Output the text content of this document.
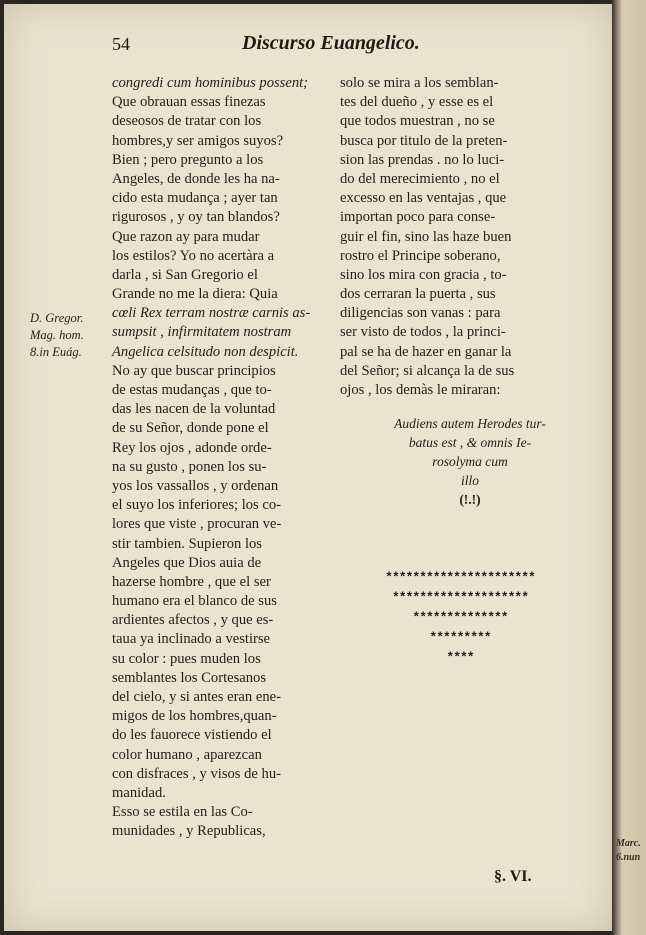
Marc.
6.nun
54	Discurso Euangelico.
D. Gregor.
Mag. hom.
8.in Euág.
congredi cum hominibus possent;
Que obrauan essas finezas
deseosos de tratar con los
hombres,y ser amigos suyos?
Bien ; pero pregunto a los
Angeles, de donde les ha na-
cido esta mudança ; ayer tan
rigurosos , y oy tan blandos?
Que razon ay para mudar
los estilos? Yo no acertàra a
darla , si San Gregorio el
Grande no me la diera: Quia
cœli Rex terram nostræ carnis as-
sumpsit , infirmitatem nostram
Angelica celsitudo non despicit.
No ay que buscar principios
de estas mudanças , que to-
das les nacen de la voluntad
de su Señor, donde pone el
Rey los ojos , adonde orde-
na su gusto , ponen los su-
yos los vassallos , y ordenan
el suyo los inferiores; los co-
lores que viste , procuran ve-
stir tambien. Supieron los
Angeles que Dios auia de
hazerse hombre , que el ser
humano era el blanco de sus
ardientes afectos , y que es-
taua ya inclinado a vestirse
su color : pues muden los
semblantes los Cortesanos
del cielo, y si antes eran ene-
migos de los hombres,quan-
do les fauorece vistiendo el
color humano , aparezcan
con disfraces , y visos de hu-
manidad.
Esso se estila en las Co-
munidades , y Republicas,
solo se mira a los semblan-
tes del dueño , y esse es el
que todos muestran , no se
busca por titulo de la preten-
sion las prendas . no lo luci-
do del merecimiento , no el
excesso en las ventajas , que
importan poco para conse-
guir el fin, sino las haze buen
rostro el Principe soberano,
sino los mira con gracia , to-
dos cerraran la puerta , sus
diligencias son vanas : para
ser visto de todos , la princi-
pal se ha de hazer en ganar la
del Señor; si alcança la de sus
ojos , los demàs le miraran:
Audiens autem Herodes tur-
batus est , & omnis Ie-
rosolyma cum
illo
(!.!)
**********************
********************
**************
*********
****
§. VI.
